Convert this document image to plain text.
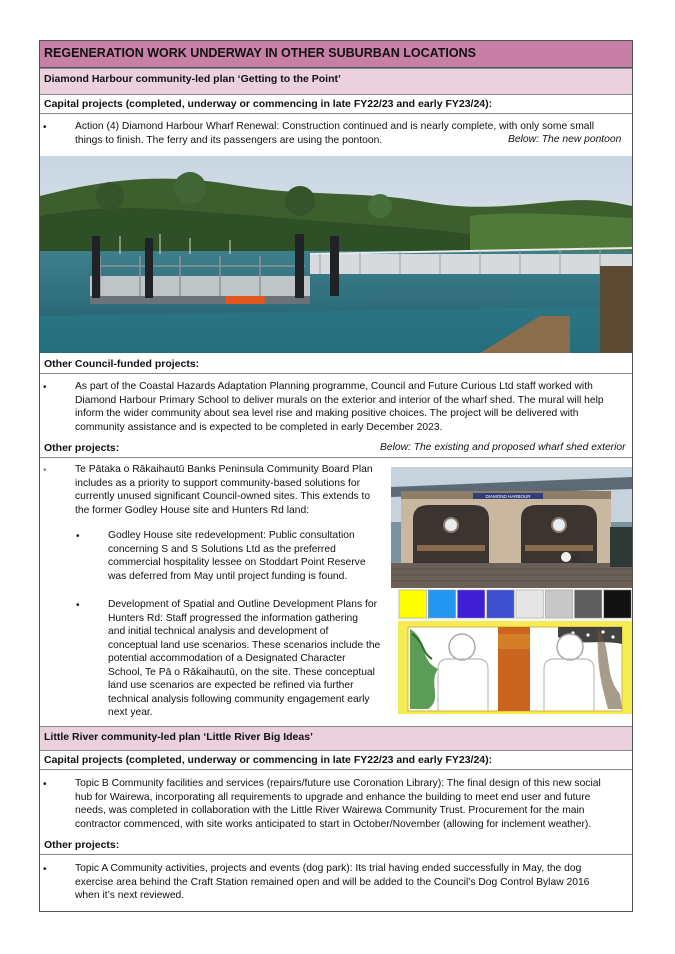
REGENERATION WORK UNDERWAY IN OTHER SUBURBAN LOCATIONS
Diamond Harbour community-led plan ‘Getting to the Point’
Capital projects (completed, underway or commencing in late FY22/23 and early FY23/24):
•	Action (4) Diamond Harbour Wharf Renewal: Construction continued and is nearly complete, with only some small
things to finish. The ferry and its passengers are using the pontoon.	Below: The new pontoon
Other Council-funded projects:
•	As part of the Coastal Hazards Adaptation Planning programme, Council and Future Curious Ltd staff worked with
Diamond Harbour Primary School to deliver murals on the exterior and interior of the wharf shed. The mural will help
inform the wider community about sea level rise and making positive choices. The project will be delivered with
community assistance and is expected to be completed in early December 2023.
Other projects:	Below: The existing and proposed wharf shed exterior
•	Te Pātaka o Rākaihautū Banks Peninsula Community Board Plan
includes as a priority to support community-based solutions for
currently unused significant Council-owned sites. This extends to
the former Godley House site and Hunters Rd land:
•	Godley House site redevelopment: Public consultation
concerning S and S Solutions Ltd as the preferred
commercial hospitality lessee on Stoddart Point Reserve
was deferred from May until project funding is found.
•	Development of Spatial and Outline Development Plans for
Hunters Rd: Staff progressed the information gathering
and initial technical analysis and development of
conceptual land use scenarios. These scenarios include the
potential accommodation of a Designated Character
School, Te Pā o Rākaihautū, on the site. These conceptual
land use scenarios are expected be refined via further
technical analysis following community engagement early
next year.
DIAMOND HARBOUR
Little River community-led plan ‘Little River Big Ideas’
Capital projects (completed, underway or commencing in late FY22/23 and early FY23/24):
•	Topic B Community facilities and services (repairs/future use Coronation Library): The final design of this new social
hub for Wairewa, incorporating all requirements to upgrade and enhance the building to meet end user and future
needs, was completed in collaboration with the Little River Wairewa Community Trust. Procurement for the main
contractor commenced, with site works anticipated to start in October/November (allowing for inclement weather).
Other projects:
•	Topic A Community activities, projects and events (dog park): Its trial having ended successfully in May, the dog
exercise area behind the Craft Station remained open and will be added to the Council’s Dog Control Bylaw 2016
when it’s next reviewed.
